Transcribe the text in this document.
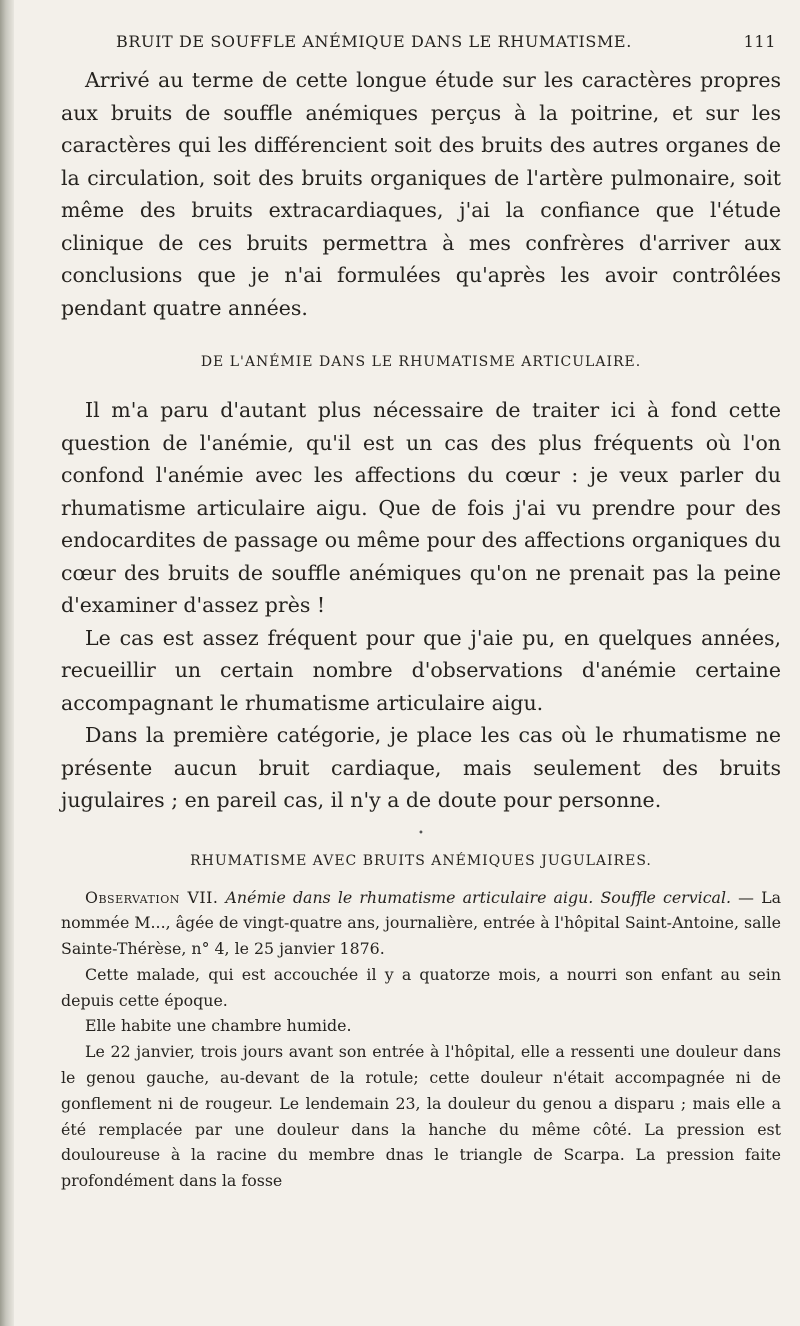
BRUIT DE SOUFFLE ANÉMIQUE DANS LE RHUMATISME.	111

Arrivé au terme de cette longue étude sur les caractères propres aux bruits de souffle anémiques perçus à la poitrine, et sur les caractères qui les différencient soit des bruits des autres organes de la circulation, soit des bruits organiques de l'artère pulmonaire, soit même des bruits extracardiaques, j'ai la confiance que l'étude clinique de ces bruits permettra à mes confrères d'arriver aux conclusions que je n'ai formulées qu'après les avoir contrôlées pendant quatre années.

DE L'ANÉMIE DANS LE RHUMATISME ARTICULAIRE.

Il m'a paru d'autant plus nécessaire de traiter ici à fond cette question de l'anémie, qu'il est un cas des plus fréquents où l'on confond l'anémie avec les affections du cœur : je veux parler du rhumatisme articulaire aigu. Que de fois j'ai vu prendre pour des endocardites de passage ou même pour des affections organiques du cœur des bruits de souffle anémiques qu'on ne prenait pas la peine d'examiner d'assez près !

Le cas est assez fréquent pour que j'aie pu, en quelques années, recueillir un certain nombre d'observations d'anémie certaine accompagnant le rhumatisme articulaire aigu.

Dans la première catégorie, je place les cas où le rhumatisme ne présente aucun bruit cardiaque, mais seulement des bruits jugulaires ; en pareil cas, il n'y a de doute pour personne.

•
RHUMATISME AVEC BRUITS ANÉMIQUES JUGULAIRES.

Observation VII. Anémie dans le rhumatisme articulaire aigu. Souffle cervical. — La nommée M..., âgée de vingt-quatre ans, journalière, entrée à l'hôpital Saint-Antoine, salle Sainte-Thérèse, n° 4, le 25 janvier 1876.

Cette malade, qui est accouchée il y a quatorze mois, a nourri son enfant au sein depuis cette époque.

Elle habite une chambre humide.

Le 22 janvier, trois jours avant son entrée à l'hôpital, elle a ressenti une douleur dans le genou gauche, au-devant de la rotule; cette douleur n'était accompagnée ni de gonflement ni de rougeur. Le lendemain 23, la douleur du genou a disparu ; mais elle a été remplacée par une douleur dans la hanche du même côté. La pression est douloureuse à la racine du membre dnas le triangle de Scarpa. La pression faite profondément dans la fosse
